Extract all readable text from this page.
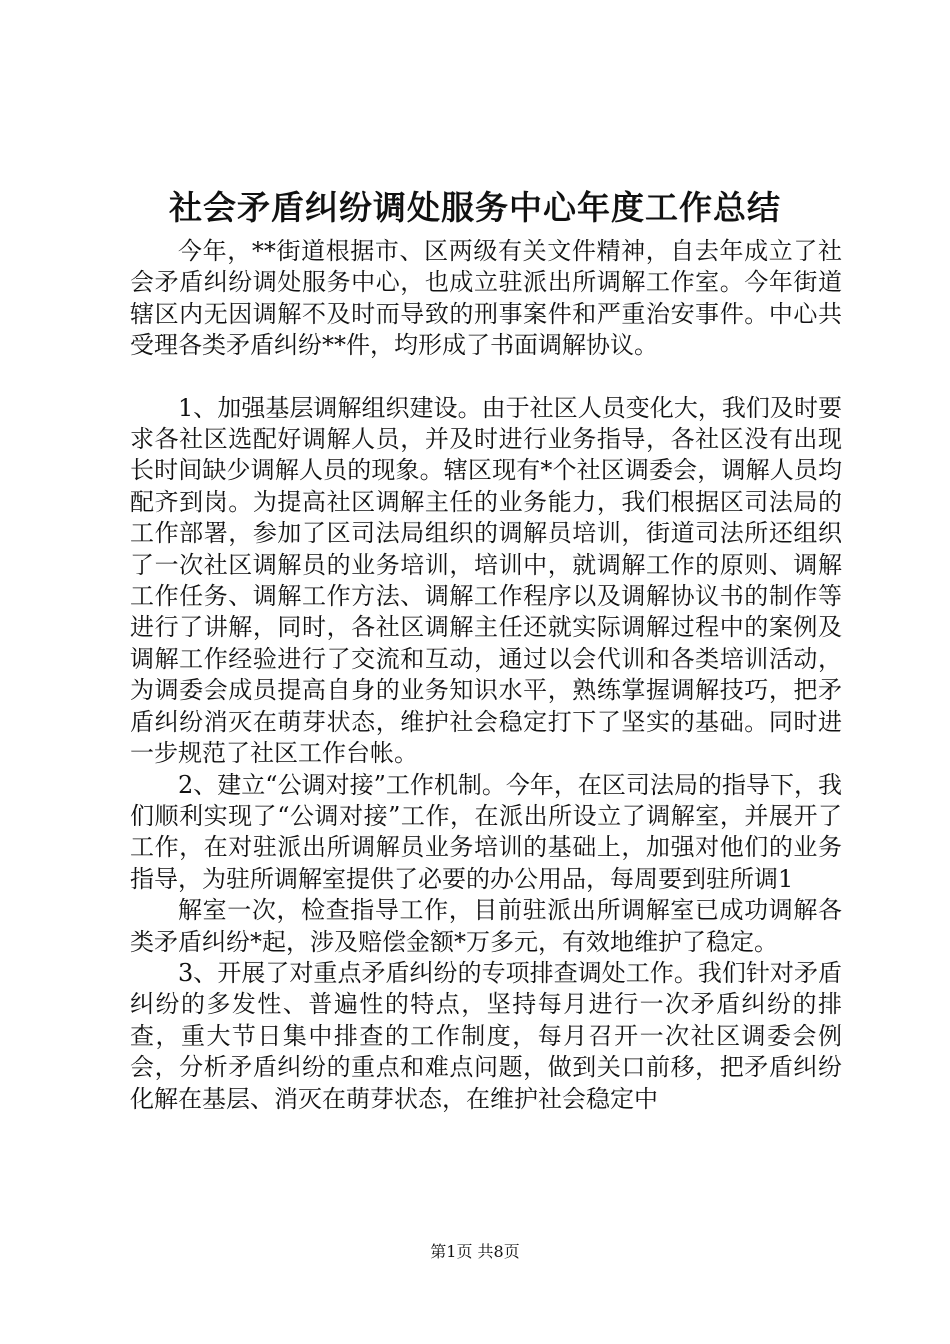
社会矛盾纠纷调处服务中心年度工作总结

今年，**街道根据市、区两级有关文件精神，自去年成立了社会矛盾纠纷调处服务中心，也成立驻派出所调解工作室。今年街道辖区内无因调解不及时而导致的刑事案件和严重治安事件。中心共受理各类矛盾纠纷**件，均形成了书面调解协议。

1、加强基层调解组织建设。由于社区人员变化大，我们及时要求各社区选配好调解人员，并及时进行业务指导，各社区没有出现长时间缺少调解人员的现象。辖区现有*个社区调委会，调解人员均配齐到岗。为提高社区调解主任的业务能力，我们根据区司法局的工作部署，参加了区司法局组织的调解员培训，街道司法所还组织了一次社区调解员的业务培训，培训中，就调解工作的原则、调解工作任务、调解工作方法、调解工作程序以及调解协议书的制作等进行了讲解，同时，各社区调解主任还就实际调解过程中的案例及调解工作经验进行了交流和互动，通过以会代训和各类培训活动，为调委会成员提高自身的业务知识水平，熟练掌握调解技巧，把矛盾纠纷消灭在萌芽状态，维护社会稳定打下了坚实的基础。同时进一步规范了社区工作台帐。

2、建立“公调对接”工作机制。今年，在区司法局的指导下，我们顺利实现了“公调对接”工作，在派出所设立了调解室，并展开了工作，在对驻派出所调解员业务培训的基础上，加强对他们的业务指导，为驻所调解室提供了必要的办公用品，每周要到驻所调1

解室一次，检查指导工作，目前驻派出所调解室已成功调解各类矛盾纠纷*起，涉及赔偿金额*万多元，有效地维护了稳定。

3、开展了对重点矛盾纠纷的专项排查调处工作。我们针对矛盾纠纷的多发性、普遍性的特点，坚持每月进行一次矛盾纠纷的排查，重大节日集中排查的工作制度，每月召开一次社区调委会例会，分析矛盾纠纷的重点和难点问题，做到关口前移，把矛盾纠纷化解在基层、消灭在萌芽状态，在维护社会稳定中

第1页 共8页
